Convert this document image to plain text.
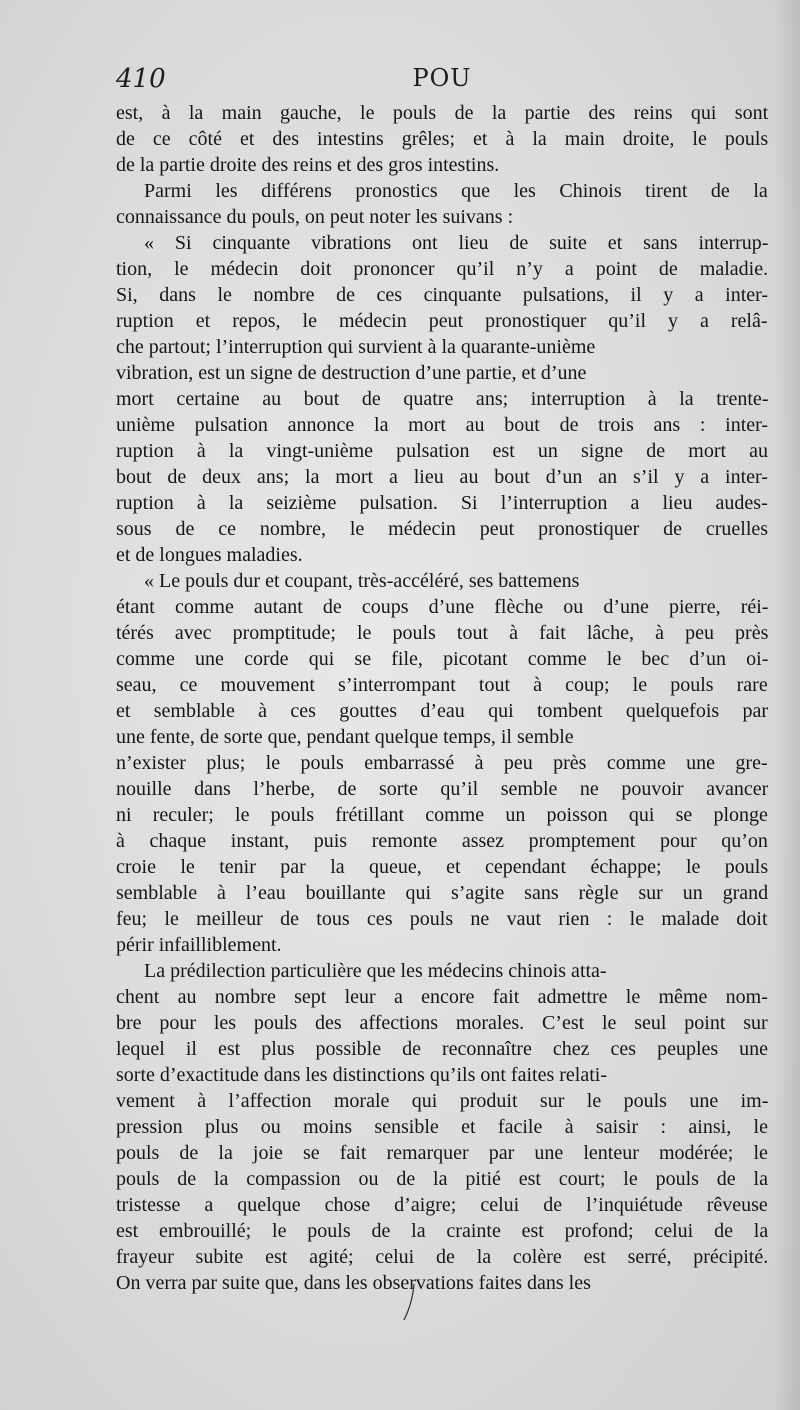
410	POU

est, à la main gauche, le pouls de la partie des reins qui sont
de ce côté et des intestins grêles; et à la main droite, le pouls
de la partie droite des reins et des gros intestins.

Parmi les différens pronostics que les Chinois tirent de la
connaissance du pouls, on peut noter les suivans :

« Si cinquante vibrations ont lieu de suite et sans interrup-
tion, le médecin doit prononcer qu’il n’y a point de maladie.
Si, dans le nombre de ces cinquante pulsations, il y a inter-
ruption et repos, le médecin peut pronostiquer qu’il y a relâ-
che partout; l’interruption qui survient à la quarante-unième
vibration, est un signe de destruction d’une partie, et d’une
mort certaine au bout de quatre ans; interruption à la trente-
unième pulsation annonce la mort au bout de trois ans : inter-
ruption à la vingt-unième pulsation est un signe de mort au
bout de deux ans; la mort a lieu au bout d’un an s’il y a inter-
ruption à la seizième pulsation. Si l’interruption a lieu audes-
sous de ce nombre, le médecin peut pronostiquer de cruelles
et de longues maladies.

« Le pouls dur et coupant, très-accéléré, ses battemens
étant comme autant de coups d’une flèche ou d’une pierre, réi-
térés avec promptitude; le pouls tout à fait lâche, à peu près
comme une corde qui se file, picotant comme le bec d’un oi-
seau, ce mouvement s’interrompant tout à coup; le pouls rare
et semblable à ces gouttes d’eau qui tombent quelquefois par
une fente, de sorte que, pendant quelque temps, il semble
n’exister plus; le pouls embarrassé à peu près comme une gre-
nouille dans l’herbe, de sorte qu’il semble ne pouvoir avancer
ni reculer; le pouls frétillant comme un poisson qui se plonge
à chaque instant, puis remonte assez promptement pour qu’on
croie le tenir par la queue, et cependant échappe; le pouls
semblable à l’eau bouillante qui s’agite sans règle sur un grand
feu; le meilleur de tous ces pouls ne vaut rien : le malade doit
périr infailliblement.

La prédilection particulière que les médecins chinois atta-
chent au nombre sept leur a encore fait admettre le même nom-
bre pour les pouls des affections morales. C’est le seul point sur
lequel il est plus possible de reconnaître chez ces peuples une
sorte d’exactitude dans les distinctions qu’ils ont faites relati-
vement à l’affection morale qui produit sur le pouls une im-
pression plus ou moins sensible et facile à saisir : ainsi, le
pouls de la joie se fait remarquer par une lenteur modérée; le
pouls de la compassion ou de la pitié est court; le pouls de la
tristesse a quelque chose d’aigre; celui de l’inquiétude rêveuse
est embrouillé; le pouls de la crainte est profond; celui de la
frayeur subite est agité; celui de la colère est serré, précipité.
On verra par suite que, dans les observations faites dans les
